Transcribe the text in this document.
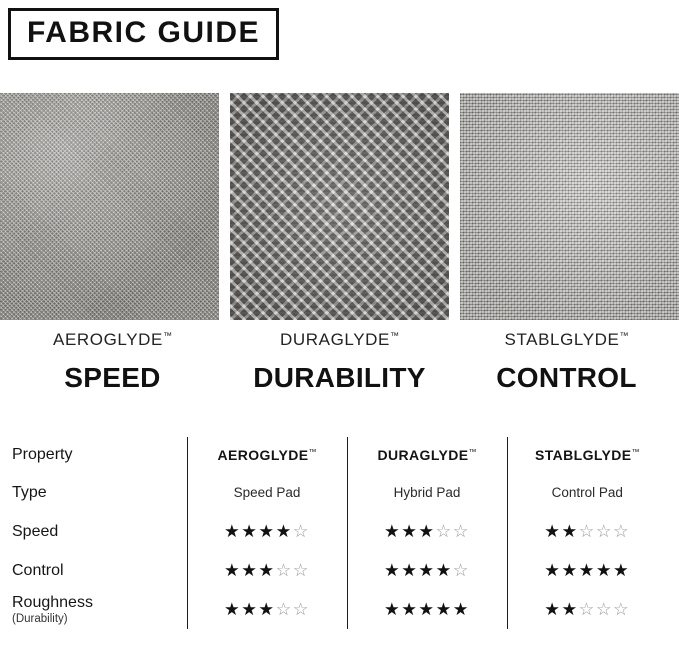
FABRIC GUIDE
AEROGLYDE™
SPEED
DURAGLYDE™
DURABILITY
STABLGLYDE™
CONTROL
Property	AEROGLYDE™	DURAGLYDE™	STABLGLYDE™
Type	Speed Pad	Hybrid Pad	Control Pad
Speed	★★★★☆	★★★☆☆	★★☆☆☆
Control	★★★☆☆	★★★★☆	★★★★★
Roughness
(Durability)	★★★☆☆	★★★★★	★★☆☆☆
